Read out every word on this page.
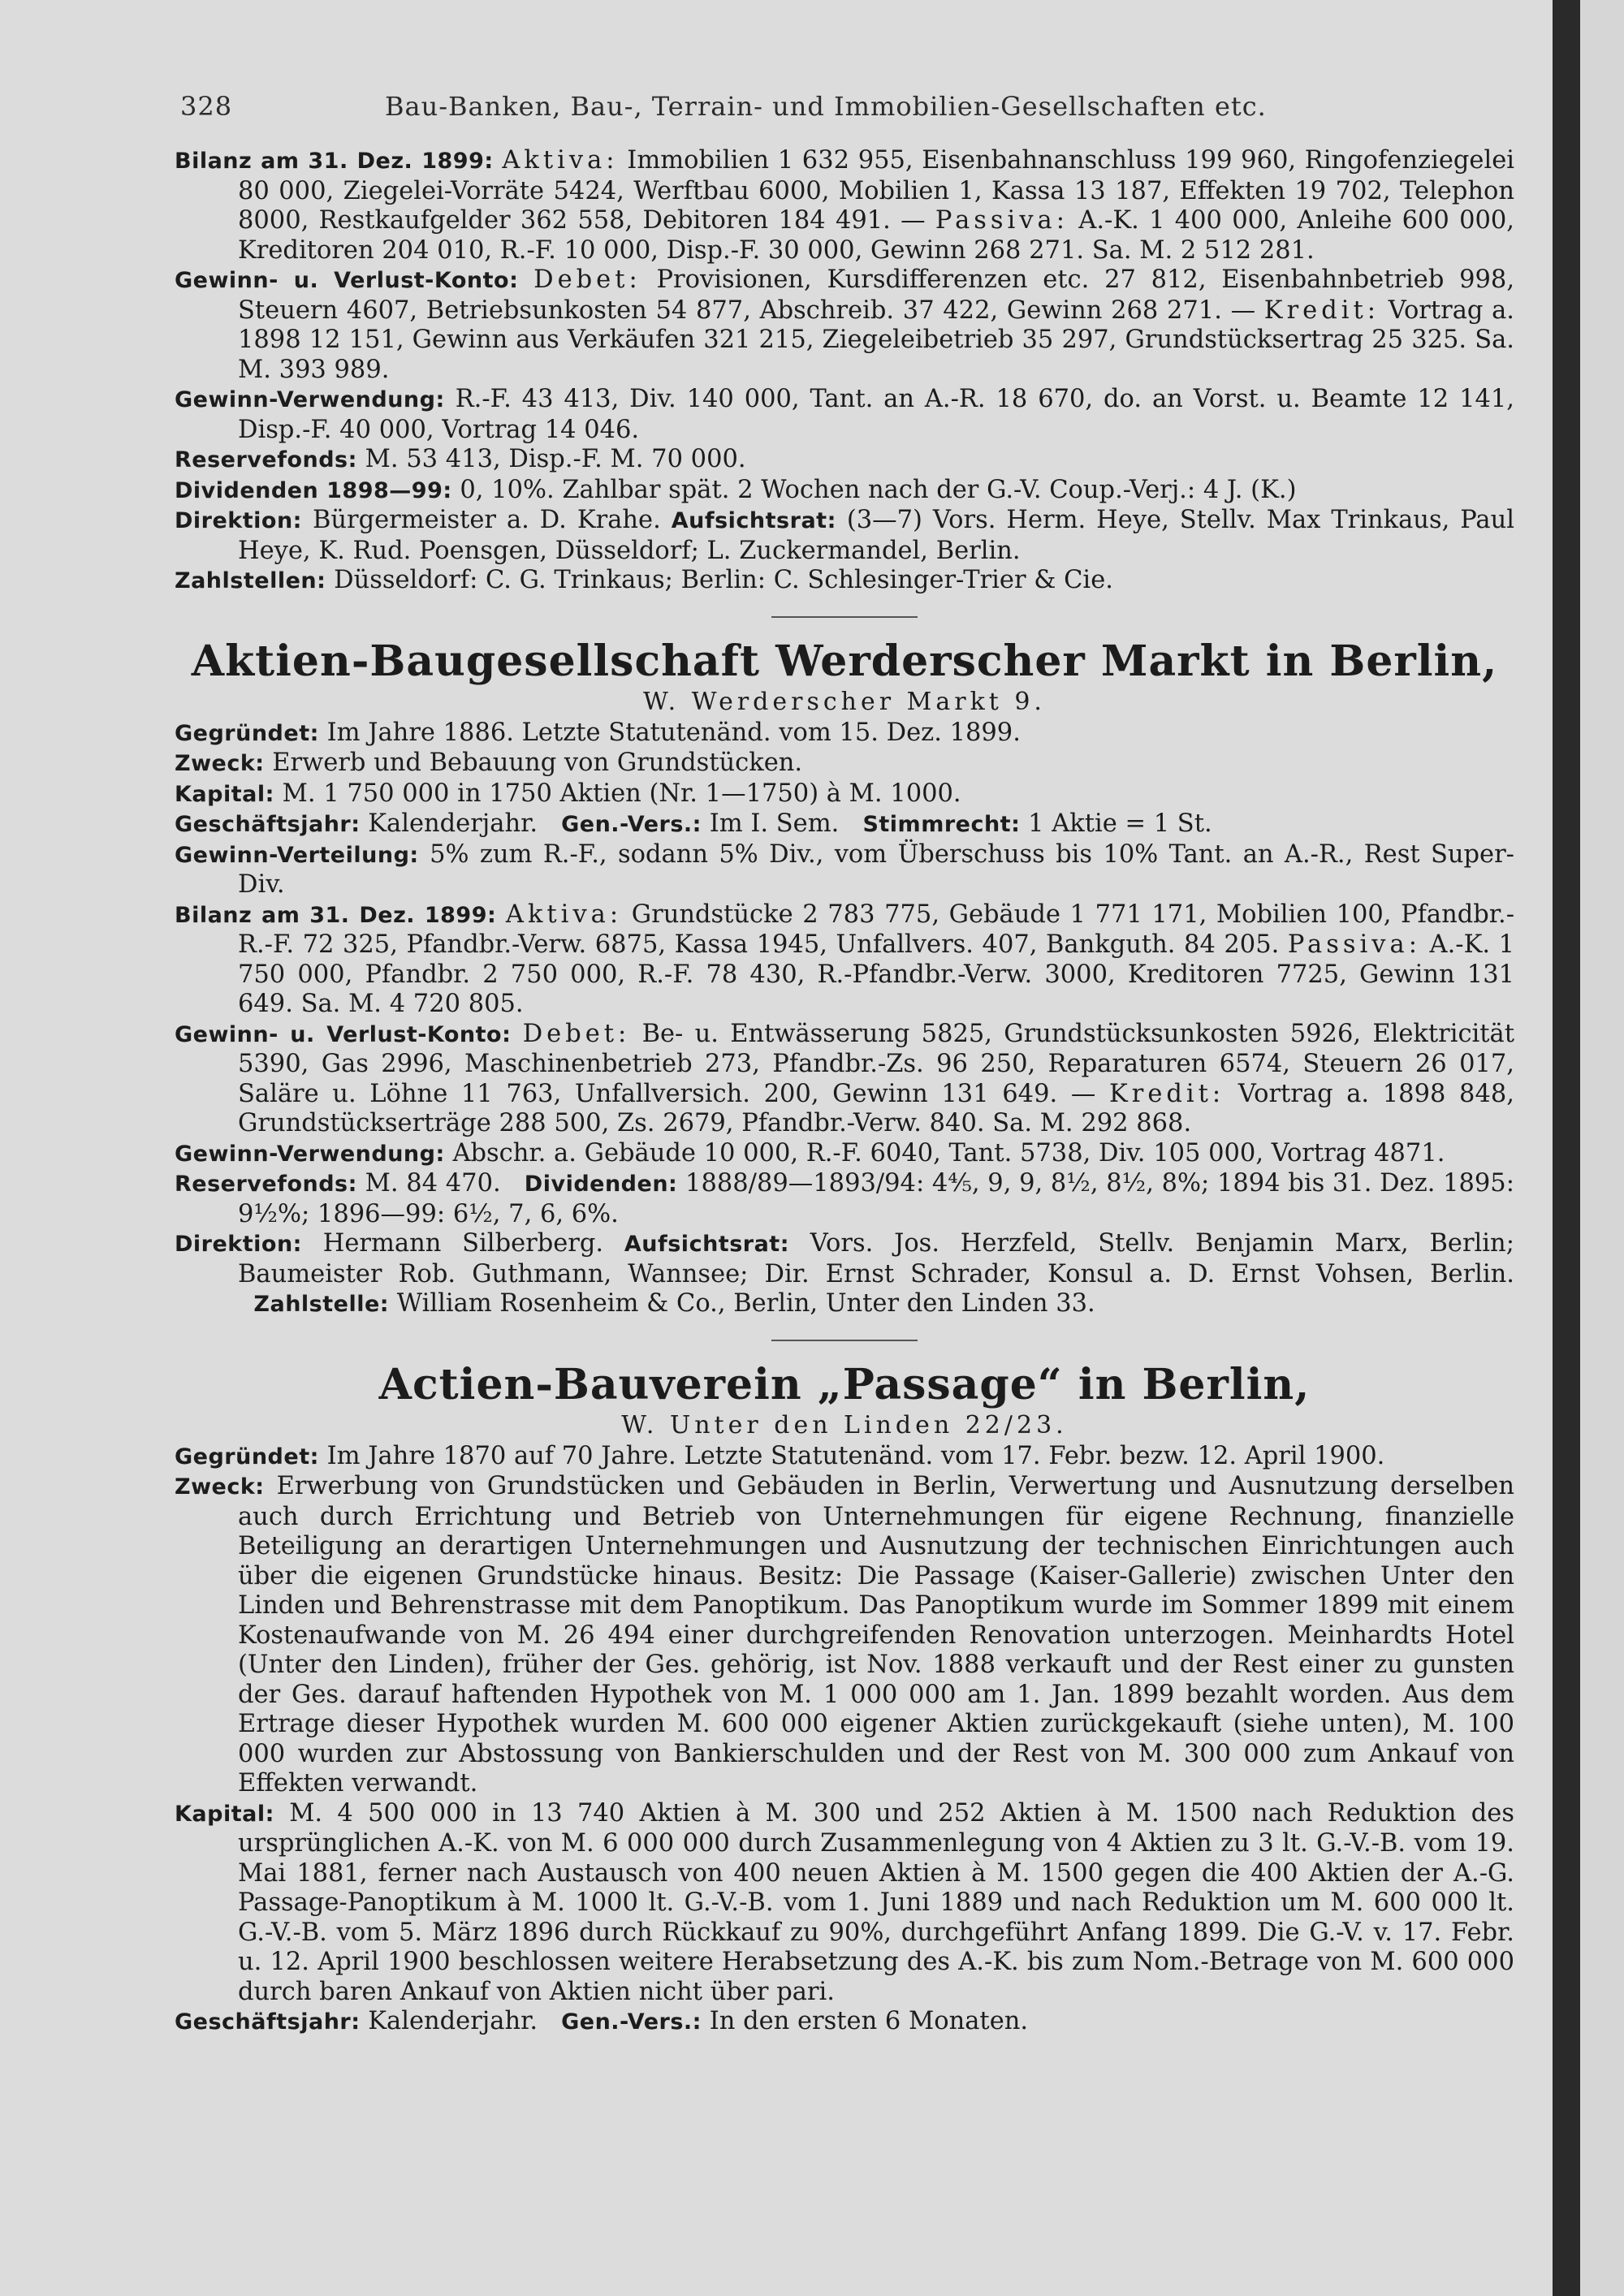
328	Bau-Banken, Bau-, Terrain- und Immobilien-Gesellschaften etc.

Bilanz am 31. Dez. 1899: Aktiva: Immobilien 1 632 955, Eisenbahnanschluss 199 960, Ringofenziegelei 80 000, Ziegelei-Vorräte 5424, Werftbau 6000, Mobilien 1, Kassa 13 187, Effekten 19 702, Telephon 8000, Restkaufgelder 362 558, Debitoren 184 491. — Passiva: A.-K. 1 400 000, Anleihe 600 000, Kreditoren 204 010, R.-F. 10 000, Disp.-F. 30 000, Gewinn 268 271. Sa. M. 2 512 281.

Gewinn- u. Verlust-Konto: Debet: Provisionen, Kursdifferenzen etc. 27 812, Eisenbahnbetrieb 998, Steuern 4607, Betriebsunkosten 54 877, Abschreib. 37 422, Gewinn 268 271. — Kredit: Vortrag a. 1898 12 151, Gewinn aus Verkäufen 321 215, Ziegeleibetrieb 35 297, Grundstücksertrag 25 325. Sa. M. 393 989.

Gewinn-Verwendung: R.-F. 43 413, Div. 140 000, Tant. an A.-R. 18 670, do. an Vorst. u. Beamte 12 141, Disp.-F. 40 000, Vortrag 14 046.

Reservefonds: M. 53 413, Disp.-F. M. 70 000.

Dividenden 1898—99: 0, 10%. Zahlbar spät. 2 Wochen nach der G.-V. Coup.-Verj.: 4 J. (K.)

Direktion: Bürgermeister a. D. Krahe. Aufsichtsrat: (3—7) Vors. Herm. Heye, Stellv. Max Trinkaus, Paul Heye, K. Rud. Poensgen, Düsseldorf; L. Zuckermandel, Berlin.

Zahlstellen: Düsseldorf: C. G. Trinkaus; Berlin: C. Schlesinger-Trier & Cie.

Aktien-Baugesellschaft Werderscher Markt in Berlin,

W. Werderscher Markt 9.

Gegründet: Im Jahre 1886. Letzte Statutenänd. vom 15. Dez. 1899.

Zweck: Erwerb und Bebauung von Grundstücken.

Kapital: M. 1 750 000 in 1750 Aktien (Nr. 1—1750) à M. 1000.

Geschäftsjahr: Kalenderjahr. Gen.-Vers.: Im I. Sem. Stimmrecht: 1 Aktie = 1 St.

Gewinn-Verteilung: 5% zum R.-F., sodann 5% Div., vom Überschuss bis 10% Tant. an A.-R., Rest Super-Div.

Bilanz am 31. Dez. 1899: Aktiva: Grundstücke 2 783 775, Gebäude 1 771 171, Mobilien 100, Pfandbr.-R.-F. 72 325, Pfandbr.-Verw. 6875, Kassa 1945, Unfallvers. 407, Bankguth. 84 205. Passiva: A.-K. 1 750 000, Pfandbr. 2 750 000, R.-F. 78 430, R.-Pfandbr.-Verw. 3000, Kreditoren 7725, Gewinn 131 649. Sa. M. 4 720 805.

Gewinn- u. Verlust-Konto: Debet: Be- u. Entwässerung 5825, Grundstücksunkosten 5926, Elektricität 5390, Gas 2996, Maschinenbetrieb 273, Pfandbr.-Zs. 96 250, Reparaturen 6574, Steuern 26 017, Saläre u. Löhne 11 763, Unfallversich. 200, Gewinn 131 649. — Kredit: Vortrag a. 1898 848, Grundstückserträge 288 500, Zs. 2679, Pfandbr.-Verw. 840. Sa. M. 292 868.

Gewinn-Verwendung: Abschr. a. Gebäude 10 000, R.-F. 6040, Tant. 5738, Div. 105 000, Vortrag 4871.

Reservefonds: M. 84 470. Dividenden: 1888/89—1893/94: 4⅘, 9, 9, 8½, 8½, 8%; 1894 bis 31. Dez. 1895: 9½%; 1896—99: 6½, 7, 6, 6%.

Direktion: Hermann Silberberg. Aufsichtsrat: Vors. Jos. Herzfeld, Stellv. Benjamin Marx, Berlin; Baumeister Rob. Guthmann, Wannsee; Dir. Ernst Schrader, Konsul a. D. Ernst Vohsen, Berlin.   Zahlstelle: William Rosenheim & Co., Berlin, Unter den Linden 33.

Actien-Bauverein „Passage“ in Berlin,

W. Unter den Linden 22/23.

Gegründet: Im Jahre 1870 auf 70 Jahre. Letzte Statutenänd. vom 17. Febr. bezw. 12. April 1900.

Zweck: Erwerbung von Grundstücken und Gebäuden in Berlin, Verwertung und Ausnutzung derselben auch durch Errichtung und Betrieb von Unternehmungen für eigene Rechnung, finanzielle Beteiligung an derartigen Unternehmungen und Ausnutzung der technischen Einrichtungen auch über die eigenen Grundstücke hinaus. Besitz: Die Passage (Kaiser-Gallerie) zwischen Unter den Linden und Behrenstrasse mit dem Panoptikum. Das Panoptikum wurde im Sommer 1899 mit einem Kostenaufwande von M. 26 494 einer durchgreifenden Renovation unterzogen. Meinhardts Hotel (Unter den Linden), früher der Ges. gehörig, ist Nov. 1888 verkauft und der Rest einer zu gunsten der Ges. darauf haftenden Hypothek von M. 1 000 000 am 1. Jan. 1899 bezahlt worden. Aus dem Ertrage dieser Hypothek wurden M. 600 000 eigener Aktien zurückgekauft (siehe unten), M. 100 000 wurden zur Abstossung von Bankierschulden und der Rest von M. 300 000 zum Ankauf von Effekten verwandt.

Kapital: M. 4 500 000 in 13 740 Aktien à M. 300 und 252 Aktien à M. 1500 nach Reduktion des ursprünglichen A.-K. von M. 6 000 000 durch Zusammenlegung von 4 Aktien zu 3 lt. G.-V.-B. vom 19. Mai 1881, ferner nach Austausch von 400 neuen Aktien à M. 1500 gegen die 400 Aktien der A.-G. Passage-Panoptikum à M. 1000 lt. G.-V.-B. vom 1. Juni 1889 und nach Reduktion um M. 600 000 lt. G.-V.-B. vom 5. März 1896 durch Rückkauf zu 90%, durchgeführt Anfang 1899. Die G.-V. v. 17. Febr. u. 12. April 1900 beschlossen weitere Herabsetzung des A.-K. bis zum Nom.-Betrage von M. 600 000 durch baren Ankauf von Aktien nicht über pari.

Geschäftsjahr: Kalenderjahr. Gen.-Vers.: In den ersten 6 Monaten.
